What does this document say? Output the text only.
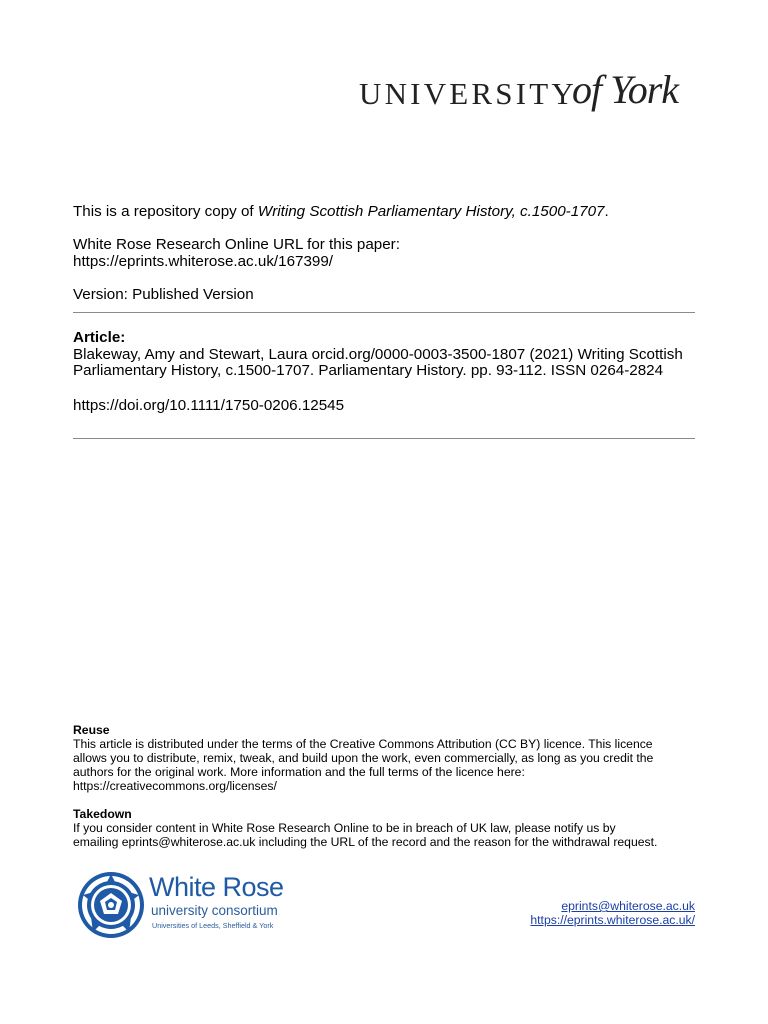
UNIVERSITY
of York
This is a repository copy of Writing Scottish Parliamentary History, c.1500-1707.
White Rose Research Online URL for this paper:
https://eprints.whiterose.ac.uk/167399/
Version: Published Version
Article:
Blakeway, Amy and Stewart, Laura orcid.org/0000-0003-3500-1807 (2021) Writing Scottish
Parliamentary History, c.1500-1707. Parliamentary History. pp. 93-112. ISSN 0264-2824
https://doi.org/10.1111/1750-0206.12545
Reuse
This article is distributed under the terms of the Creative Commons Attribution (CC BY) licence. This licence
allows you to distribute, remix, tweak, and build upon the work, even commercially, as long as you credit the
authors for the original work. More information and the full terms of the licence here:
https://creativecommons.org/licenses/
Takedown
If you consider content in White Rose Research Online to be in breach of UK law, please notify us by
emailing eprints@whiterose.ac.uk including the URL of the record and the reason for the withdrawal request.
White Rose
university consortium
Universities of Leeds, Sheffield & York
eprints@whiterose.ac.uk
https://eprints.whiterose.ac.uk/
